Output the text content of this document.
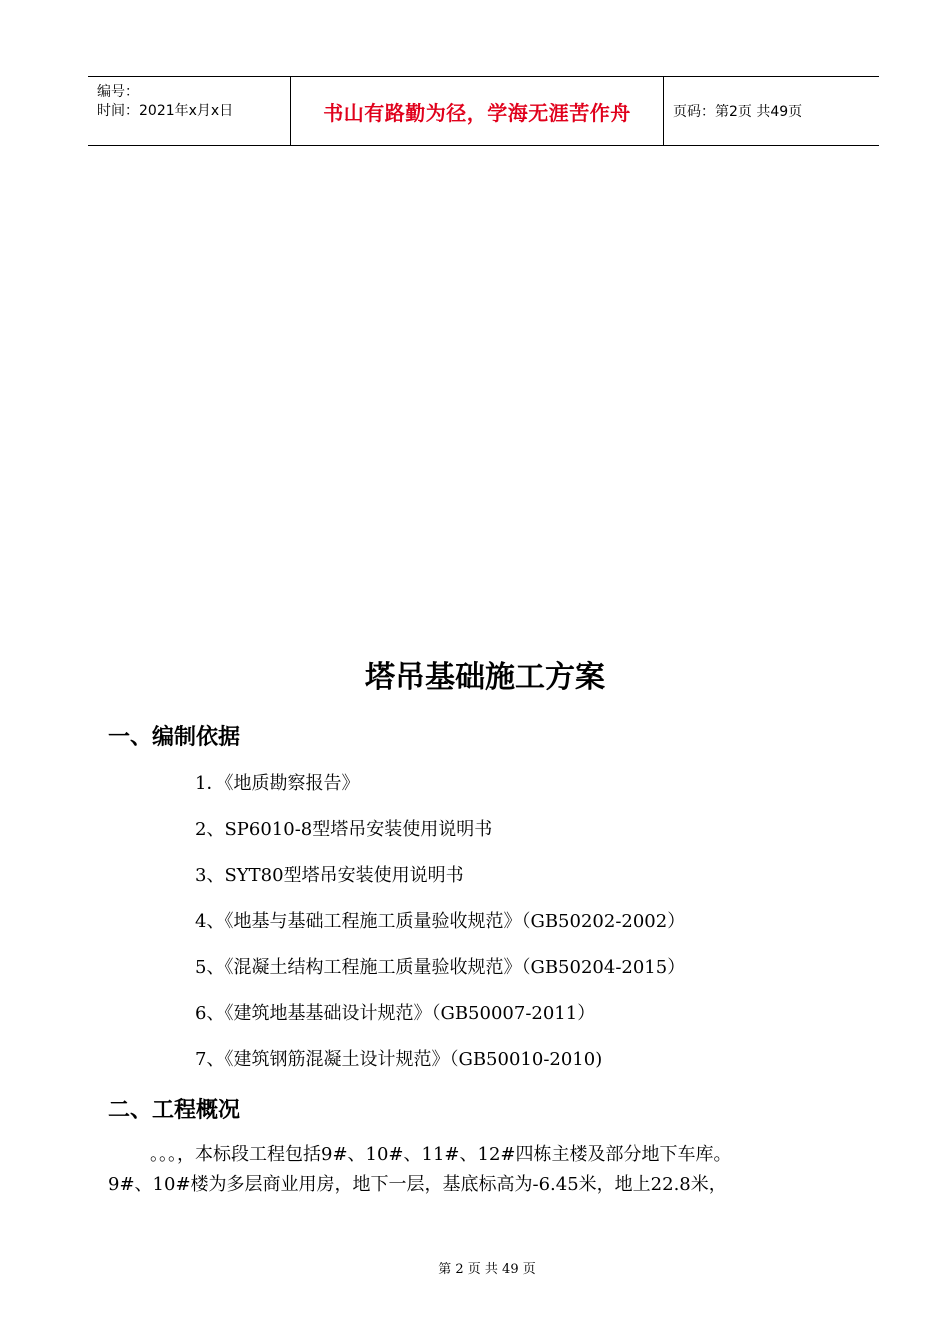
编号：
时间：2021年x月x日	书山有路勤为径，学海无涯苦作舟	页码：第2页 共49页
塔吊基础施工方案
一、编制依据
1．《地质勘察报告》
2、SP6010-8型塔吊安装使用说明书
3、SYT80型塔吊安装使用说明书
4、《地基与基础工程施工质量验收规范》（GB50202-2002）
5、《混凝土结构工程施工质量验收规范》（GB50204-2015）
6、《建筑地基基础设计规范》（GB50007-2011）
7、《建筑钢筋混凝土设计规范》（GB50010-2010)
二、工程概况
。。。，本标段工程包括9#、10#、11#、12#四栋主楼及部分地下车库。
9#、10#楼为多层商业用房，地下一层，基底标高为-6.45米，地上22.8米，
第 2 页 共 49 页
